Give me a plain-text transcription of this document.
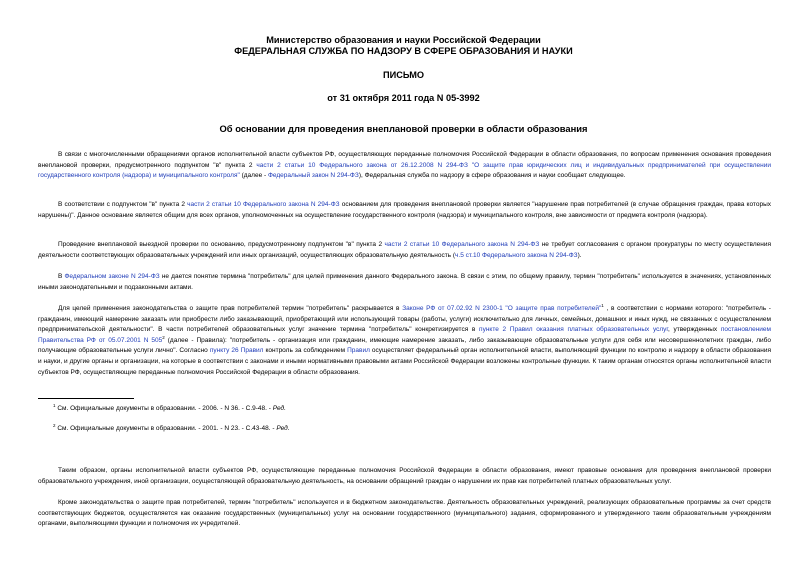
Министерство образования и науки Российской Федерации
ФЕДЕРАЛЬНАЯ СЛУЖБА ПО НАДЗОРУ В СФЕРЕ ОБРАЗОВАНИЯ И НАУКИ
ПИСЬМО
от 31 октября 2011 года N 05-3992
Об основании для проведения внеплановой проверки в области образования

В связи с многочисленными обращениями органов исполнительной власти субъектов РФ, осуществляющих переданные полномочия Российской Федерации в области образования, по вопросам применения основания проведения внеплановой проверки, предусмотренного подпунктом "в" пункта 2 части 2 статьи 10 Федерального закона от 26.12.2008 N 294-ФЗ "О защите прав юридических лиц и индивидуальных предпринимателей при осуществлении государственного контроля (надзора) и муниципального контроля" (далее - Федеральный закон N 294-ФЗ), Федеральная служба по надзору в сфере образования и науки сообщает следующее.

В соответствии с подпунктом "в" пункта 2 части 2 статьи 10 Федерального закона N 294-ФЗ основанием для проведения внеплановой проверки является "нарушение прав потребителей (в случае обращения граждан, права которых нарушены)". Данное основание является общим для всех органов, уполномоченных на осуществление государственного контроля (надзора) и муниципального контроля, вне зависимости от предмета контроля (надзора).

Проведение внеплановой выездной проверки по основанию, предусмотренному подпунктом "в" пункта 2 части 2 статьи 10 Федерального закона N 294-ФЗ не требует согласования с органом прокуратуры по месту осуществления деятельности соответствующих образовательных учреждений или иных организаций, осуществляющих образовательную деятельность (ч.5 ст.10 Федерального закона N 294-ФЗ).

В Федеральном законе N 294-ФЗ не дается понятие термина "потребитель" для целей применения данного Федерального закона. В связи с этим, по общему правилу, термин "потребитель" используется в значениях, установленных иными законодательными и подзаконными актами.

Для целей применения законодательства о защите прав потребителей термин "потребитель" раскрывается в Законе РФ от 07.02.92 N 2300-1 "О защите прав потребителей"$^1$ , в соответствии с нормами которого: "потребитель - гражданин, имеющий намерение заказать или приобрести либо заказывающий, приобретающий или использующий товары (работы, услуги) исключительно для личных, семейных, домашних и иных нужд, не связанных с осуществлением предпринимательской деятельности". В части потребителей образовательных услуг значение термина "потребитель" конкретизируется в пункте 2 Правил оказания платных образовательных услуг, утвержденных постановлением Правительства РФ от 05.07.2001 N $505^2$ (далее - Правила): "потребитель - организация или гражданин, имеющие намерение заказать, либо заказывающие образовательные услуги для себя или несовершеннолетних граждан, либо получающие образовательные услуги лично". Согласно пункту 26 Правил контроль за соблюдением Правил осуществляет федеральный орган исполнительной власти, выполняющий функции по контролю и надзору в области образования и науки, и другие органы и организации, на которые в соответствии с законами и иными нормативными правовыми актами Российской Федерации возложены контрольные функции. К таким органам относятся органы исполнительной власти субъектов РФ, осуществляющие переданные полномочия Российской Федерации в области образования.

$^1$ См. Официальные документы в образовании. - 2006. - N 36. - С.9-48. - Ред.
$^2$ См. Официальные документы в образовании. - 2001. - N 23. - С.43-48. - Ред.

Таким образом, органы исполнительной власти субъектов РФ, осуществляющие переданные полномочия Российской Федерации в области образования, имеют правовые основания для проведения внеплановой проверки образовательного учреждения, иной организации, осуществляющей образовательную деятельность, на основании обращений граждан о нарушении их прав как потребителей платных образовательных услуг.

Кроме законодательства о защите прав потребителей, термин "потребитель" используется и в бюджетном законодательстве. Деятельность образовательных учреждений, реализующих образовательные программы за счет средств соответствующих бюджетов, осуществляется как оказание государственных (муниципальных) услуг на основании государственного (муниципального) задания, сформированного и утвержденного таким образовательным учреждениям органами, выполняющими функции и полномочия их учредителей.
